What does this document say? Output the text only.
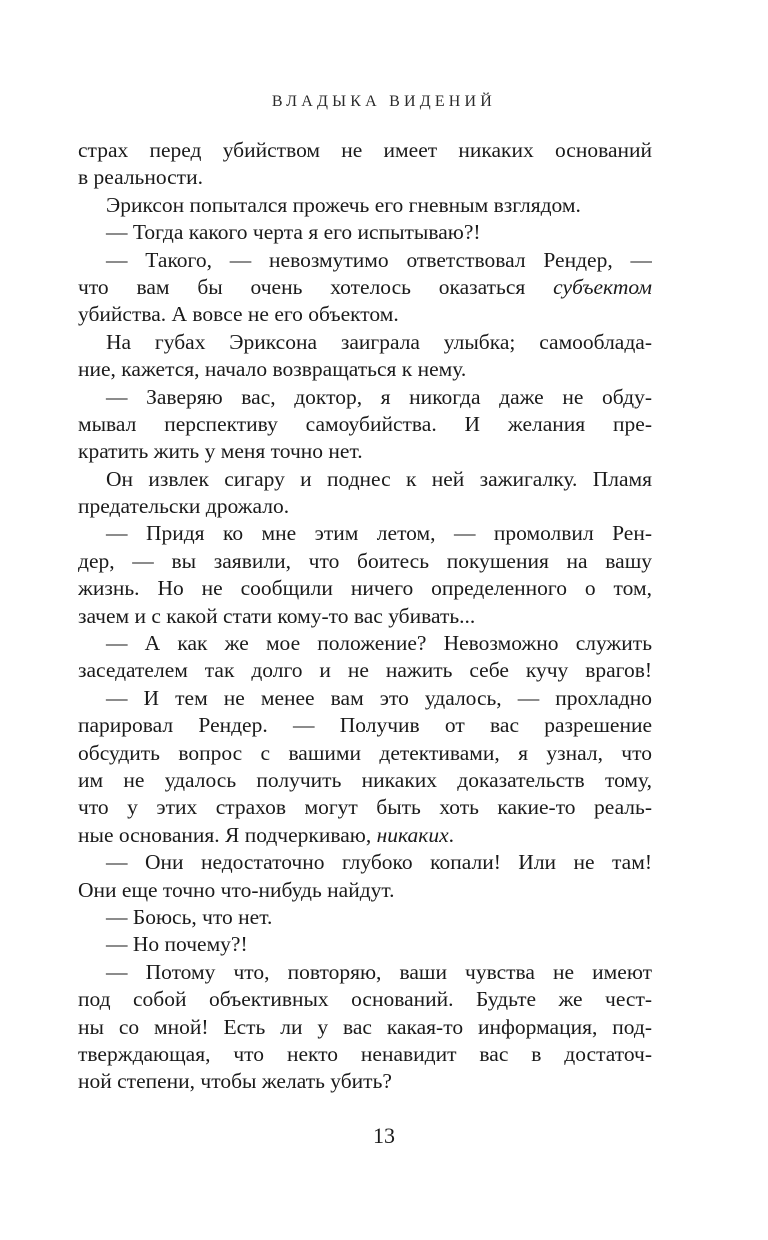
ВЛАДЫКА ВИДЕНИЙ
страх перед убийством не имеет никаких оснований
в реальности.
Эриксон попытался прожечь его гневным взглядом.
— Тогда какого черта я его испытываю?!
— Такого, — невозмутимо ответствовал Рендер, —
что вам бы очень хотелось оказаться субъектом
убийства. А вовсе не его объектом.
На губах Эриксона заиграла улыбка; самооблада-
ние, кажется, начало возвращаться к нему.
— Заверяю вас, доктор, я никогда даже не обду-
мывал перспективу самоубийства. И желания пре-
кратить жить у меня точно нет.
Он извлек сигару и поднес к ней зажигалку. Пламя
предательски дрожало.
— Придя ко мне этим летом, — промолвил Рен-
дер, — вы заявили, что боитесь покушения на вашу
жизнь. Но не сообщили ничего определенного о том,
зачем и с какой стати кому-то вас убивать...
— А как же мое положение? Невозможно служить
заседателем так долго и не нажить себе кучу врагов!
— И тем не менее вам это удалось, — прохладно
парировал Рендер. — Получив от вас разрешение
обсудить вопрос с вашими детективами, я узнал, что
им не удалось получить никаких доказательств тому,
что у этих страхов могут быть хоть какие-то реаль-
ные основания. Я подчеркиваю, никаких.
— Они недостаточно глубоко копали! Или не там!
Они еще точно что-нибудь найдут.
— Боюсь, что нет.
— Но почему?!
— Потому что, повторяю, ваши чувства не имеют
под собой объективных оснований. Будьте же чест-
ны со мной! Есть ли у вас какая-то информация, под-
тверждающая, что некто ненавидит вас в достаточ-
ной степени, чтобы желать убить?
13
